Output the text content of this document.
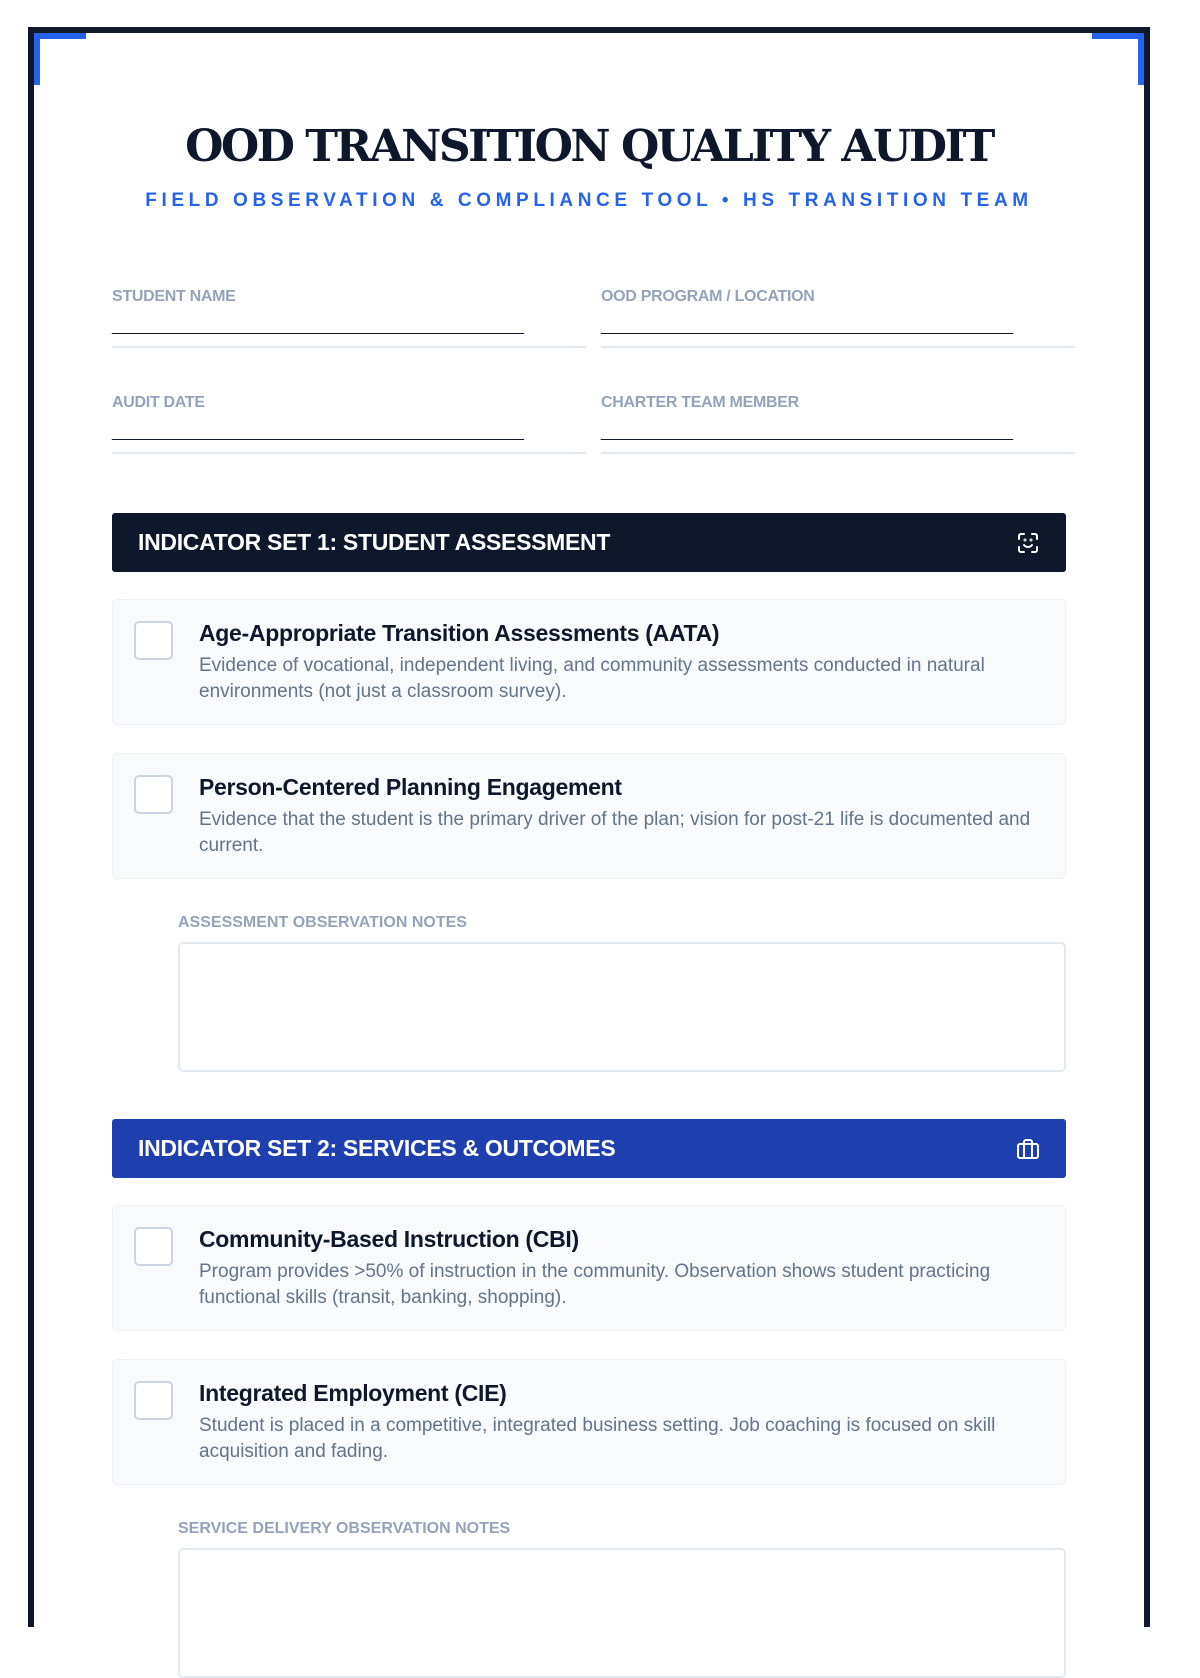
OOD TRANSITION QUALITY AUDIT
FIELD OBSERVATION & COMPLIANCE TOOL • HS TRANSITION TEAM
STUDENT NAME
_________________________________________________
OOD PROGRAM / LOCATION
_________________________________________________
AUDIT DATE
_________________________________________________
CHARTER TEAM MEMBER
_________________________________________________
INDICATOR SET 1: STUDENT ASSESSMENT
Age-Appropriate Transition Assessments (AATA)
Evidence of vocational, independent living, and community assessments conducted in natural environments (not just a classroom survey).
Person-Centered Planning Engagement
Evidence that the student is the primary driver of the plan; vision for post-21 life is documented and current.
ASSESSMENT OBSERVATION NOTES
INDICATOR SET 2: SERVICES & OUTCOMES
Community-Based Instruction (CBI)
Program provides >50% of instruction in the community. Observation shows student practicing functional skills (transit, banking, shopping).
Integrated Employment (CIE)
Student is placed in a competitive, integrated business setting. Job coaching is focused on skill acquisition and fading.
SERVICE DELIVERY OBSERVATION NOTES
